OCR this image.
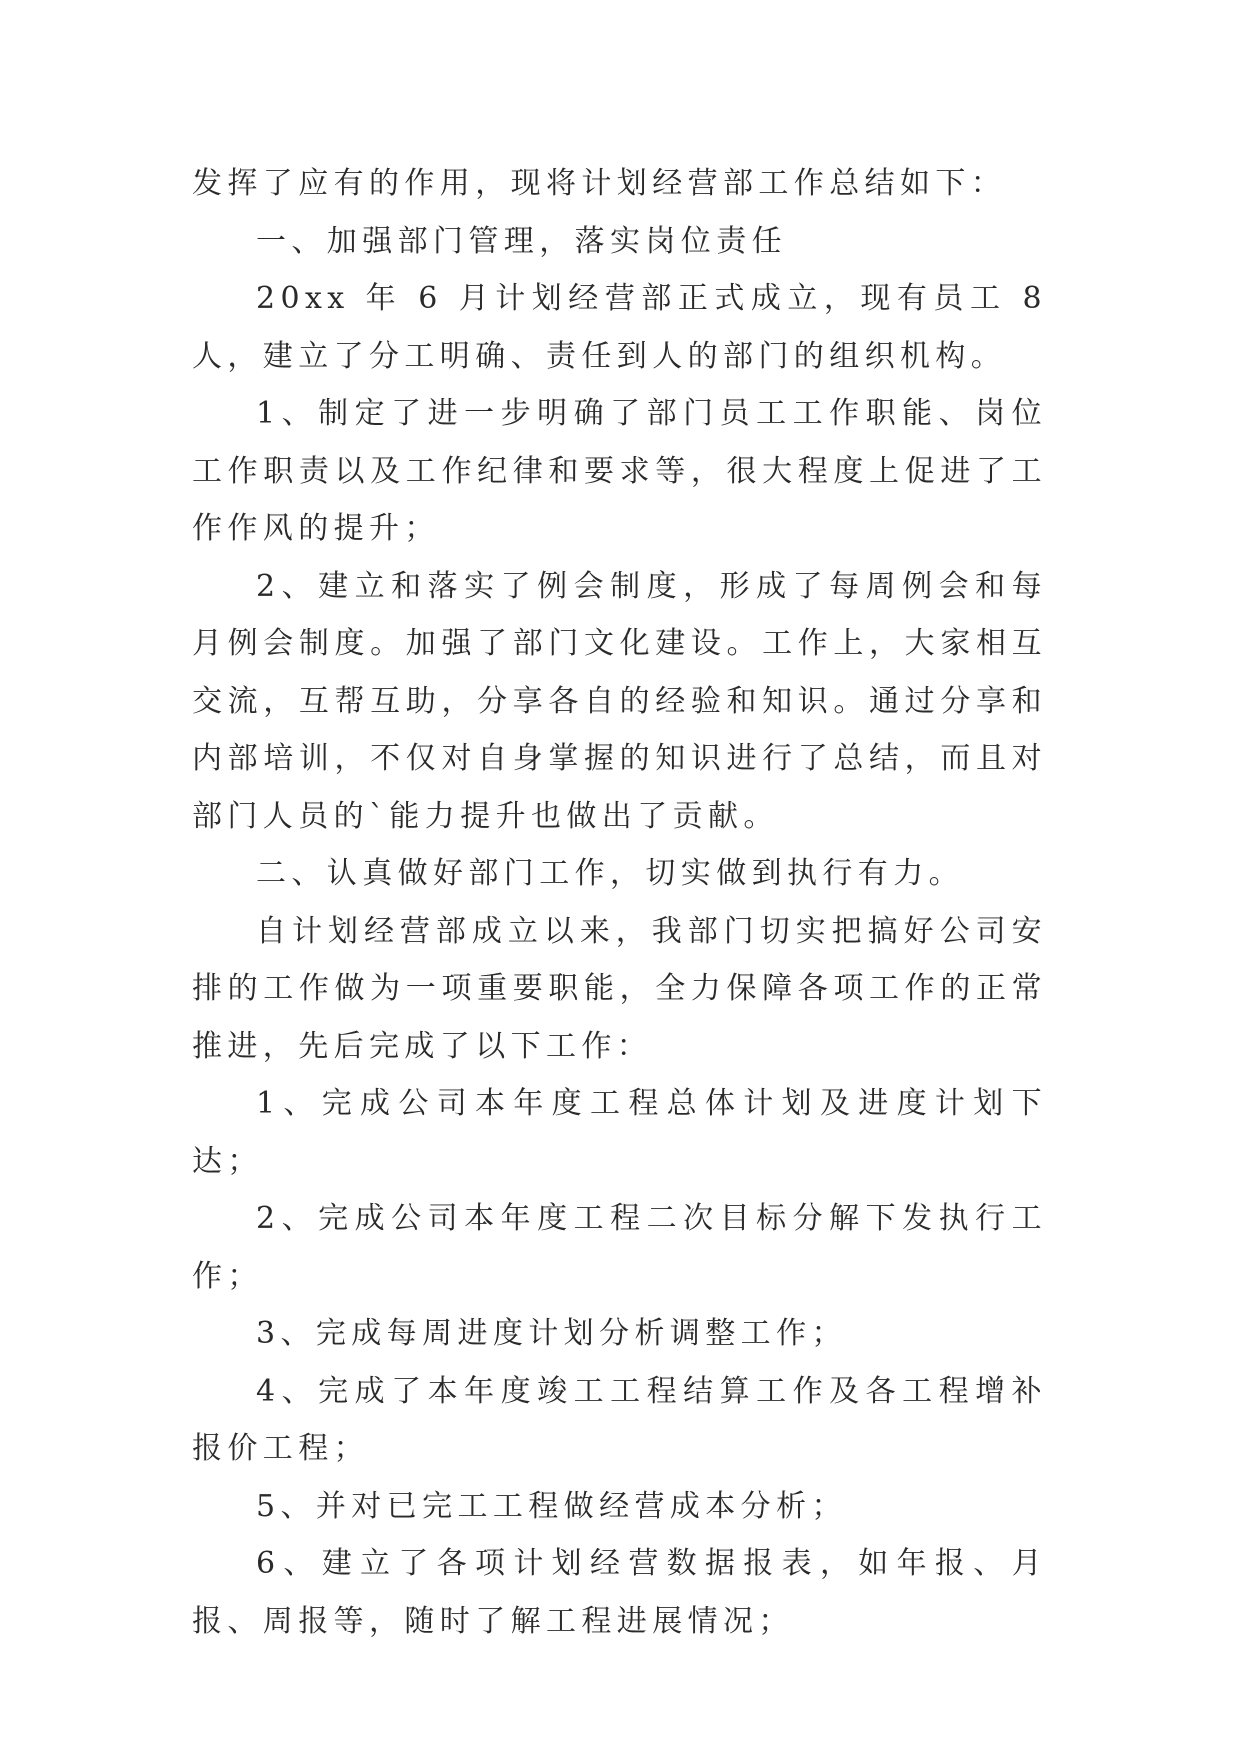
发挥了应有的作用，现将计划经营部工作总结如下：

一、加强部门管理，落实岗位责任

20xx 年 6 月计划经营部正式成立，现有员工 8 人，建立了分工明确、责任到人的部门的组织机构。

1、制定了进一步明确了部门员工工作职能、岗位工作职责以及工作纪律和要求等，很大程度上促进了工作作风的提升；

2、建立和落实了例会制度，形成了每周例会和每月例会制度。加强了部门文化建设。工作上，大家相互交流，互帮互助，分享各自的经验和知识。通过分享和内部培训，不仅对自身掌握的知识进行了总结，而且对部门人员的`能力提升也做出了贡献。

二、认真做好部门工作，切实做到执行有力。

自计划经营部成立以来，我部门切实把搞好公司安排的工作做为一项重要职能，全力保障各项工作的正常推进，先后完成了以下工作：

1、完成公司本年度工程总体计划及进度计划下达；

2、完成公司本年度工程二次目标分解下发执行工作；

3、完成每周进度计划分析调整工作；

4、完成了本年度竣工工程结算工作及各工程增补报价工程；

5、并对已完工工程做经营成本分析；

6、建立了各项计划经营数据报表，如年报、月报、周报等，随时了解工程进展情况；
